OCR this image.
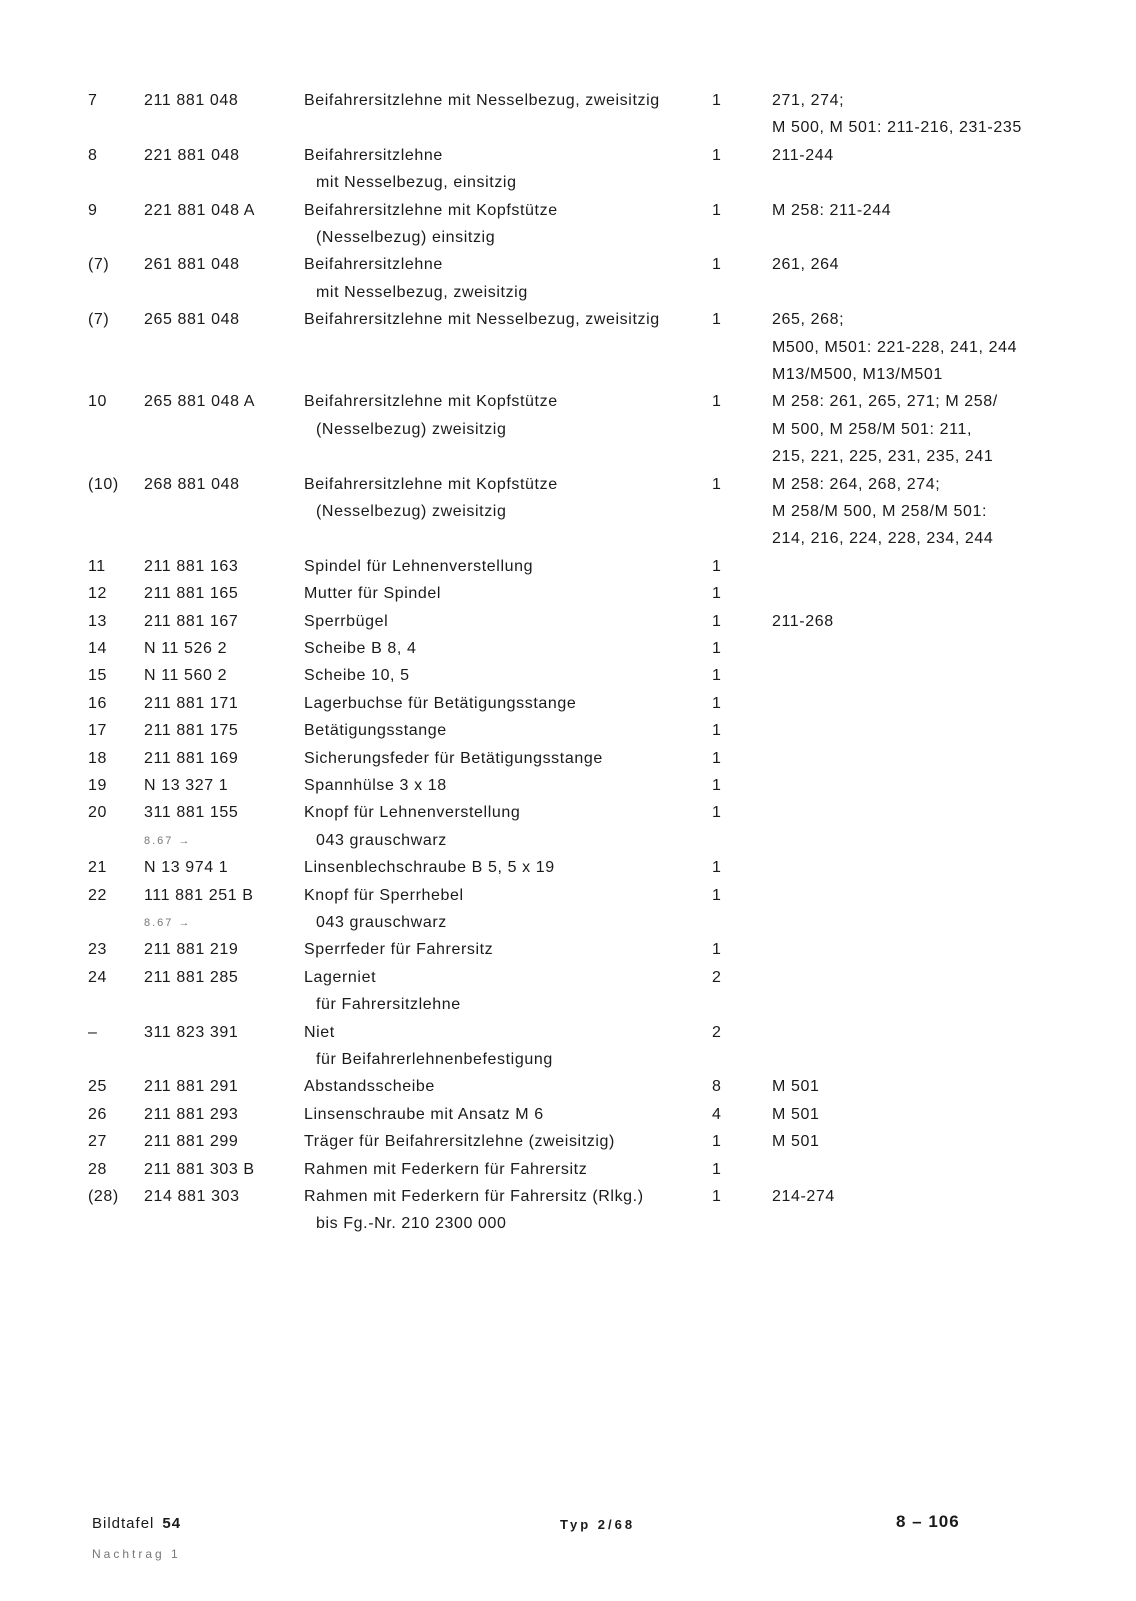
7	211 881 048	Beifahrersitzlehne mit Nesselbezug, zweisitzig	1	271, 274;
M 500, M 501: 211-216, 231-235
8	221 881 048	Beifahrersitzlehne	1	211-244
mit Nesselbezug, einsitzig
9	221 881 048 A	Beifahrersitzlehne mit Kopfstütze	1	M 258: 211-244
(Nesselbezug) einsitzig
(7)	261 881 048	Beifahrersitzlehne	1	261, 264
mit Nesselbezug, zweisitzig
(7)	265 881 048	Beifahrersitzlehne mit Nesselbezug, zweisitzig	1	265, 268;
M500, M501: 221-228, 241, 244
M13/M500, M13/M501
10	265 881 048 A	Beifahrersitzlehne mit Kopfstütze	1	M 258: 261, 265, 271; M 258/
(Nesselbezug) zweisitzig	M 500, M 258/M 501: 211,
215, 221, 225, 231, 235, 241
(10)	268 881 048	Beifahrersitzlehne mit Kopfstütze	1	M 258: 264, 268, 274;
(Nesselbezug) zweisitzig	M 258/M 500, M 258/M 501:
214, 216, 224, 228, 234, 244
11	211 881 163	Spindel für Lehnenverstellung	1
12	211 881 165	Mutter für Spindel	1
13	211 881 167	Sperrbügel	1	211-268
14	N 11 526 2	Scheibe B 8, 4	1
15	N 11 560 2	Scheibe 10, 5	1
16	211 881 171	Lagerbuchse für Betätigungsstange	1
17	211 881 175	Betätigungsstange	1
18	211 881 169	Sicherungsfeder für Betätigungsstange	1
19	N 13 327 1	Spannhülse 3 x 18	1
20	311 881 155	Knopf für Lehnenverstellung	1
8.67 →	043 grauschwarz
21	N 13 974 1	Linsenblechschraube B 5, 5 x 19	1
22	111 881 251 B	Knopf für Sperrhebel	1
8.67 →	043 grauschwarz
23	211 881 219	Sperrfeder für Fahrersitz	1
24	211 881 285	Lagerniet	2
für Fahrersitzlehne
–	311 823 391	Niet	2
für Beifahrerlehnenbefestigung
25	211 881 291	Abstandsscheibe	8	M 501
26	211 881 293	Linsenschraube mit Ansatz M 6	4	M 501
27	211 881 299	Träger für Beifahrersitzlehne (zweisitzig)	1	M 501
28	211 881 303 B	Rahmen mit Federkern für Fahrersitz	1
(28)	214 881 303	Rahmen mit Federkern für Fahrersitz (Rlkg.)	1	214-274
bis Fg.-Nr. 210 2300 000
Bildtafel 54	Typ 2/68	8 – 106
Nachtrag 1
